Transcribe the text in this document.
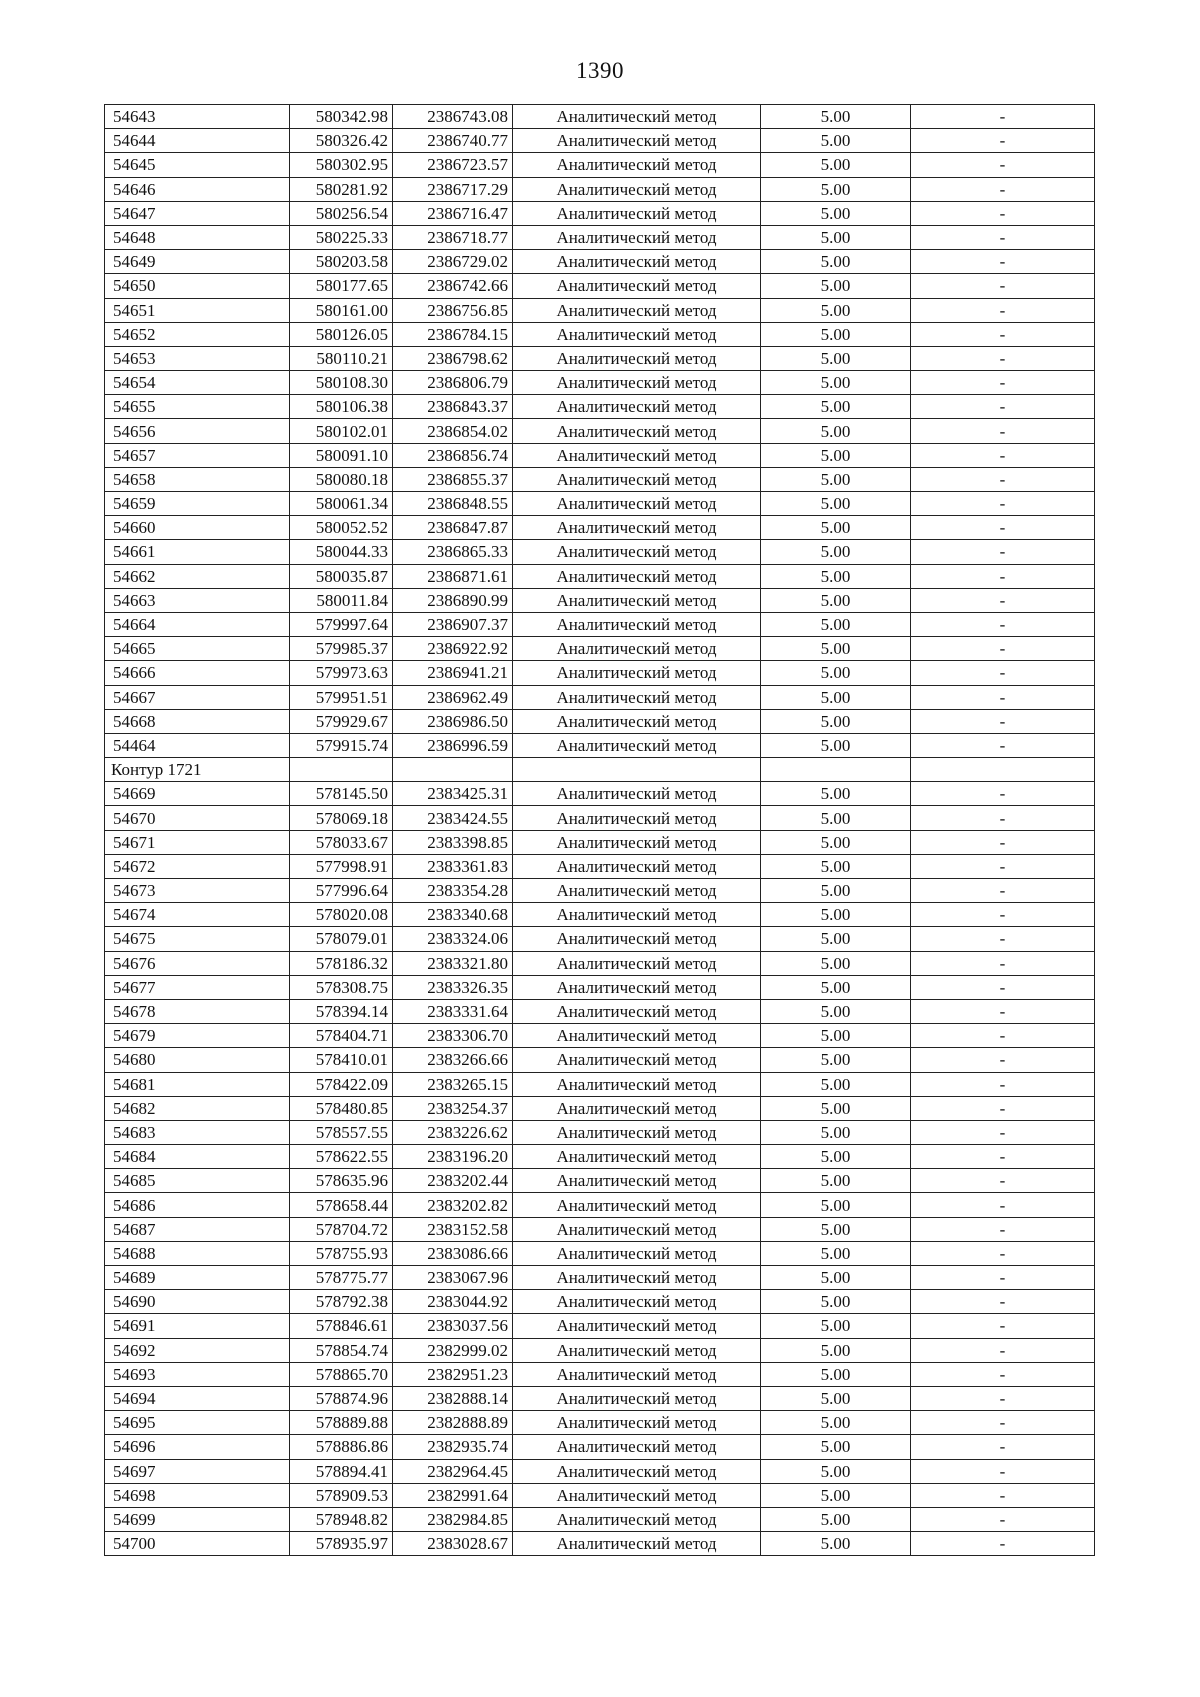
1390
54643	580342.98	2386743.08	Аналитический метод	5.00	-
54644	580326.42	2386740.77	Аналитический метод	5.00	-
54645	580302.95	2386723.57	Аналитический метод	5.00	-
54646	580281.92	2386717.29	Аналитический метод	5.00	-
54647	580256.54	2386716.47	Аналитический метод	5.00	-
54648	580225.33	2386718.77	Аналитический метод	5.00	-
54649	580203.58	2386729.02	Аналитический метод	5.00	-
54650	580177.65	2386742.66	Аналитический метод	5.00	-
54651	580161.00	2386756.85	Аналитический метод	5.00	-
54652	580126.05	2386784.15	Аналитический метод	5.00	-
54653	580110.21	2386798.62	Аналитический метод	5.00	-
54654	580108.30	2386806.79	Аналитический метод	5.00	-
54655	580106.38	2386843.37	Аналитический метод	5.00	-
54656	580102.01	2386854.02	Аналитический метод	5.00	-
54657	580091.10	2386856.74	Аналитический метод	5.00	-
54658	580080.18	2386855.37	Аналитический метод	5.00	-
54659	580061.34	2386848.55	Аналитический метод	5.00	-
54660	580052.52	2386847.87	Аналитический метод	5.00	-
54661	580044.33	2386865.33	Аналитический метод	5.00	-
54662	580035.87	2386871.61	Аналитический метод	5.00	-
54663	580011.84	2386890.99	Аналитический метод	5.00	-
54664	579997.64	2386907.37	Аналитический метод	5.00	-
54665	579985.37	2386922.92	Аналитический метод	5.00	-
54666	579973.63	2386941.21	Аналитический метод	5.00	-
54667	579951.51	2386962.49	Аналитический метод	5.00	-
54668	579929.67	2386986.50	Аналитический метод	5.00	-
54464	579915.74	2386996.59	Аналитический метод	5.00	-
Контур 1721					
54669	578145.50	2383425.31	Аналитический метод	5.00	-
54670	578069.18	2383424.55	Аналитический метод	5.00	-
54671	578033.67	2383398.85	Аналитический метод	5.00	-
54672	577998.91	2383361.83	Аналитический метод	5.00	-
54673	577996.64	2383354.28	Аналитический метод	5.00	-
54674	578020.08	2383340.68	Аналитический метод	5.00	-
54675	578079.01	2383324.06	Аналитический метод	5.00	-
54676	578186.32	2383321.80	Аналитический метод	5.00	-
54677	578308.75	2383326.35	Аналитический метод	5.00	-
54678	578394.14	2383331.64	Аналитический метод	5.00	-
54679	578404.71	2383306.70	Аналитический метод	5.00	-
54680	578410.01	2383266.66	Аналитический метод	5.00	-
54681	578422.09	2383265.15	Аналитический метод	5.00	-
54682	578480.85	2383254.37	Аналитический метод	5.00	-
54683	578557.55	2383226.62	Аналитический метод	5.00	-
54684	578622.55	2383196.20	Аналитический метод	5.00	-
54685	578635.96	2383202.44	Аналитический метод	5.00	-
54686	578658.44	2383202.82	Аналитический метод	5.00	-
54687	578704.72	2383152.58	Аналитический метод	5.00	-
54688	578755.93	2383086.66	Аналитический метод	5.00	-
54689	578775.77	2383067.96	Аналитический метод	5.00	-
54690	578792.38	2383044.92	Аналитический метод	5.00	-
54691	578846.61	2383037.56	Аналитический метод	5.00	-
54692	578854.74	2382999.02	Аналитический метод	5.00	-
54693	578865.70	2382951.23	Аналитический метод	5.00	-
54694	578874.96	2382888.14	Аналитический метод	5.00	-
54695	578889.88	2382888.89	Аналитический метод	5.00	-
54696	578886.86	2382935.74	Аналитический метод	5.00	-
54697	578894.41	2382964.45	Аналитический метод	5.00	-
54698	578909.53	2382991.64	Аналитический метод	5.00	-
54699	578948.82	2382984.85	Аналитический метод	5.00	-
54700	578935.97	2383028.67	Аналитический метод	5.00	-
